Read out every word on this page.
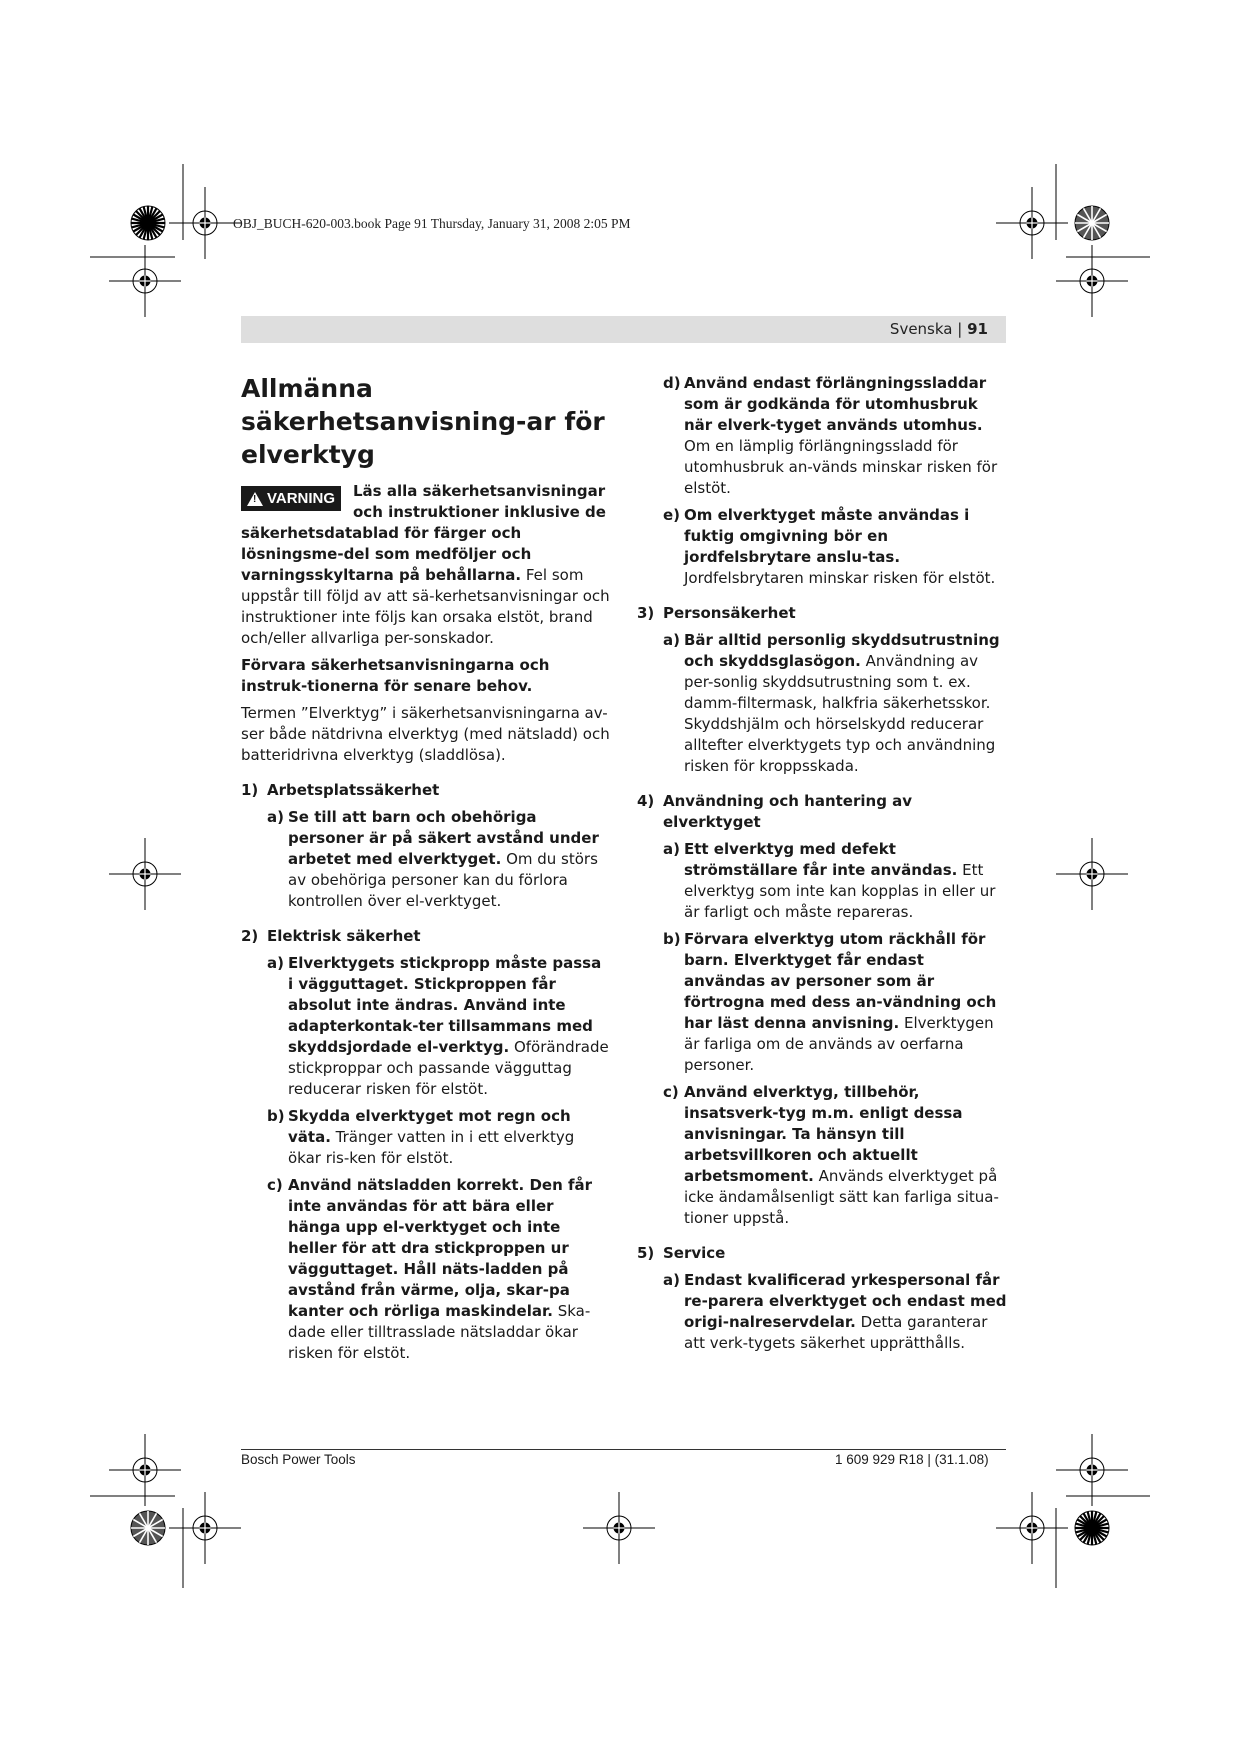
OBJ_BUCH-620-003.book Page 91 Thursday, January 31, 2008 2:05 PM
Svenska | 91
Allmänna säkerhetsanvisning-ar för elverktyg
! VARNING Läs alla säkerhetsanvisningar och instruktioner inklusive de säkerhetsdatablad för färger och lösningsme-del som medföljer och varningsskyltarna på behållarna. Fel som uppstår till följd av att sä-kerhetsanvisningar och instruktioner inte följs kan orsaka elstöt, brand och/eller allvarliga per-sonskador.

Förvara säkerhetsanvisningarna och instruk-tionerna för senare behov.

Termen ”Elverktyg” i säkerhetsanvisningarna av-ser både nätdrivna elverktyg (med nätsladd) och batteridrivna elverktyg (sladdlösa).

1) Arbetsplatssäkerhet
a) Se till att barn och obehöriga personer är på säkert avstånd under arbetet med elverktyget. Om du störs av obehöriga personer kan du förlora kontrollen över el-verktyget.
2) Elektrisk säkerhet
a) Elverktygets stickpropp måste passa i vägguttaget. Stickproppen får absolut inte ändras. Använd inte adapterkontak-ter tillsammans med skyddsjordade el-verktyg. Oförändrade stickproppar och passande vägguttag reducerar risken för elstöt.
b) Skydda elverktyget mot regn och väta. Tränger vatten in i ett elverktyg ökar ris-ken för elstöt.
c) Använd nätsladden korrekt. Den får inte användas för att bära eller hänga upp el-verktyget och inte heller för att dra stickproppen ur vägguttaget. Håll näts-ladden på avstånd från värme, olja, skar-pa kanter och rörliga maskindelar. Ska-dade eller tilltrasslade nätsladdar ökar risken för elstöt.
d) Använd endast förlängningssladdar som är godkända för utomhusbruk när elverk-tyget används utomhus. Om en lämplig förlängningssladd för utomhusbruk an-vänds minskar risken för elstöt.
e) Om elverktyget måste användas i fuktig omgivning bör en jordfelsbrytare anslu-tas. Jordfelsbrytaren minskar risken för elstöt.
3) Personsäkerhet
a) Bär alltid personlig skyddsutrustning och skyddsglasögon. Användning av per-sonlig skyddsutrustning som t. ex. damm-filtermask, halkfria säkerhetsskor. Skyddshjälm och hörselskydd reducerar alltefter elverktygets typ och användning risken för kroppsskada.
4) Användning och hantering av elverktyget
a) Ett elverktyg med defekt strömställare får inte användas. Ett elverktyg som inte kan kopplas in eller ur är farligt och måste repareras.
b) Förvara elverktyg utom räckhåll för barn. Elverktyget får endast användas av personer som är förtrogna med dess an-vändning och har läst denna anvisning. Elverktygen är farliga om de används av oerfarna personer.
c) Använd elverktyg, tillbehör, insatsverk-tyg m.m. enligt dessa anvisningar. Ta hänsyn till arbetsvillkoren och aktuellt arbetsmoment. Används elverktyget på icke ändamålsenligt sätt kan farliga situa-tioner uppstå.
5) Service
a) Endast kvalificerad yrkespersonal får re-parera elverktyget och endast med origi-nalreservdelar. Detta garanterar att verk-tygets säkerhet upprätthålls.
Bosch Power Tools	1 609 929 R18 | (31.1.08)
